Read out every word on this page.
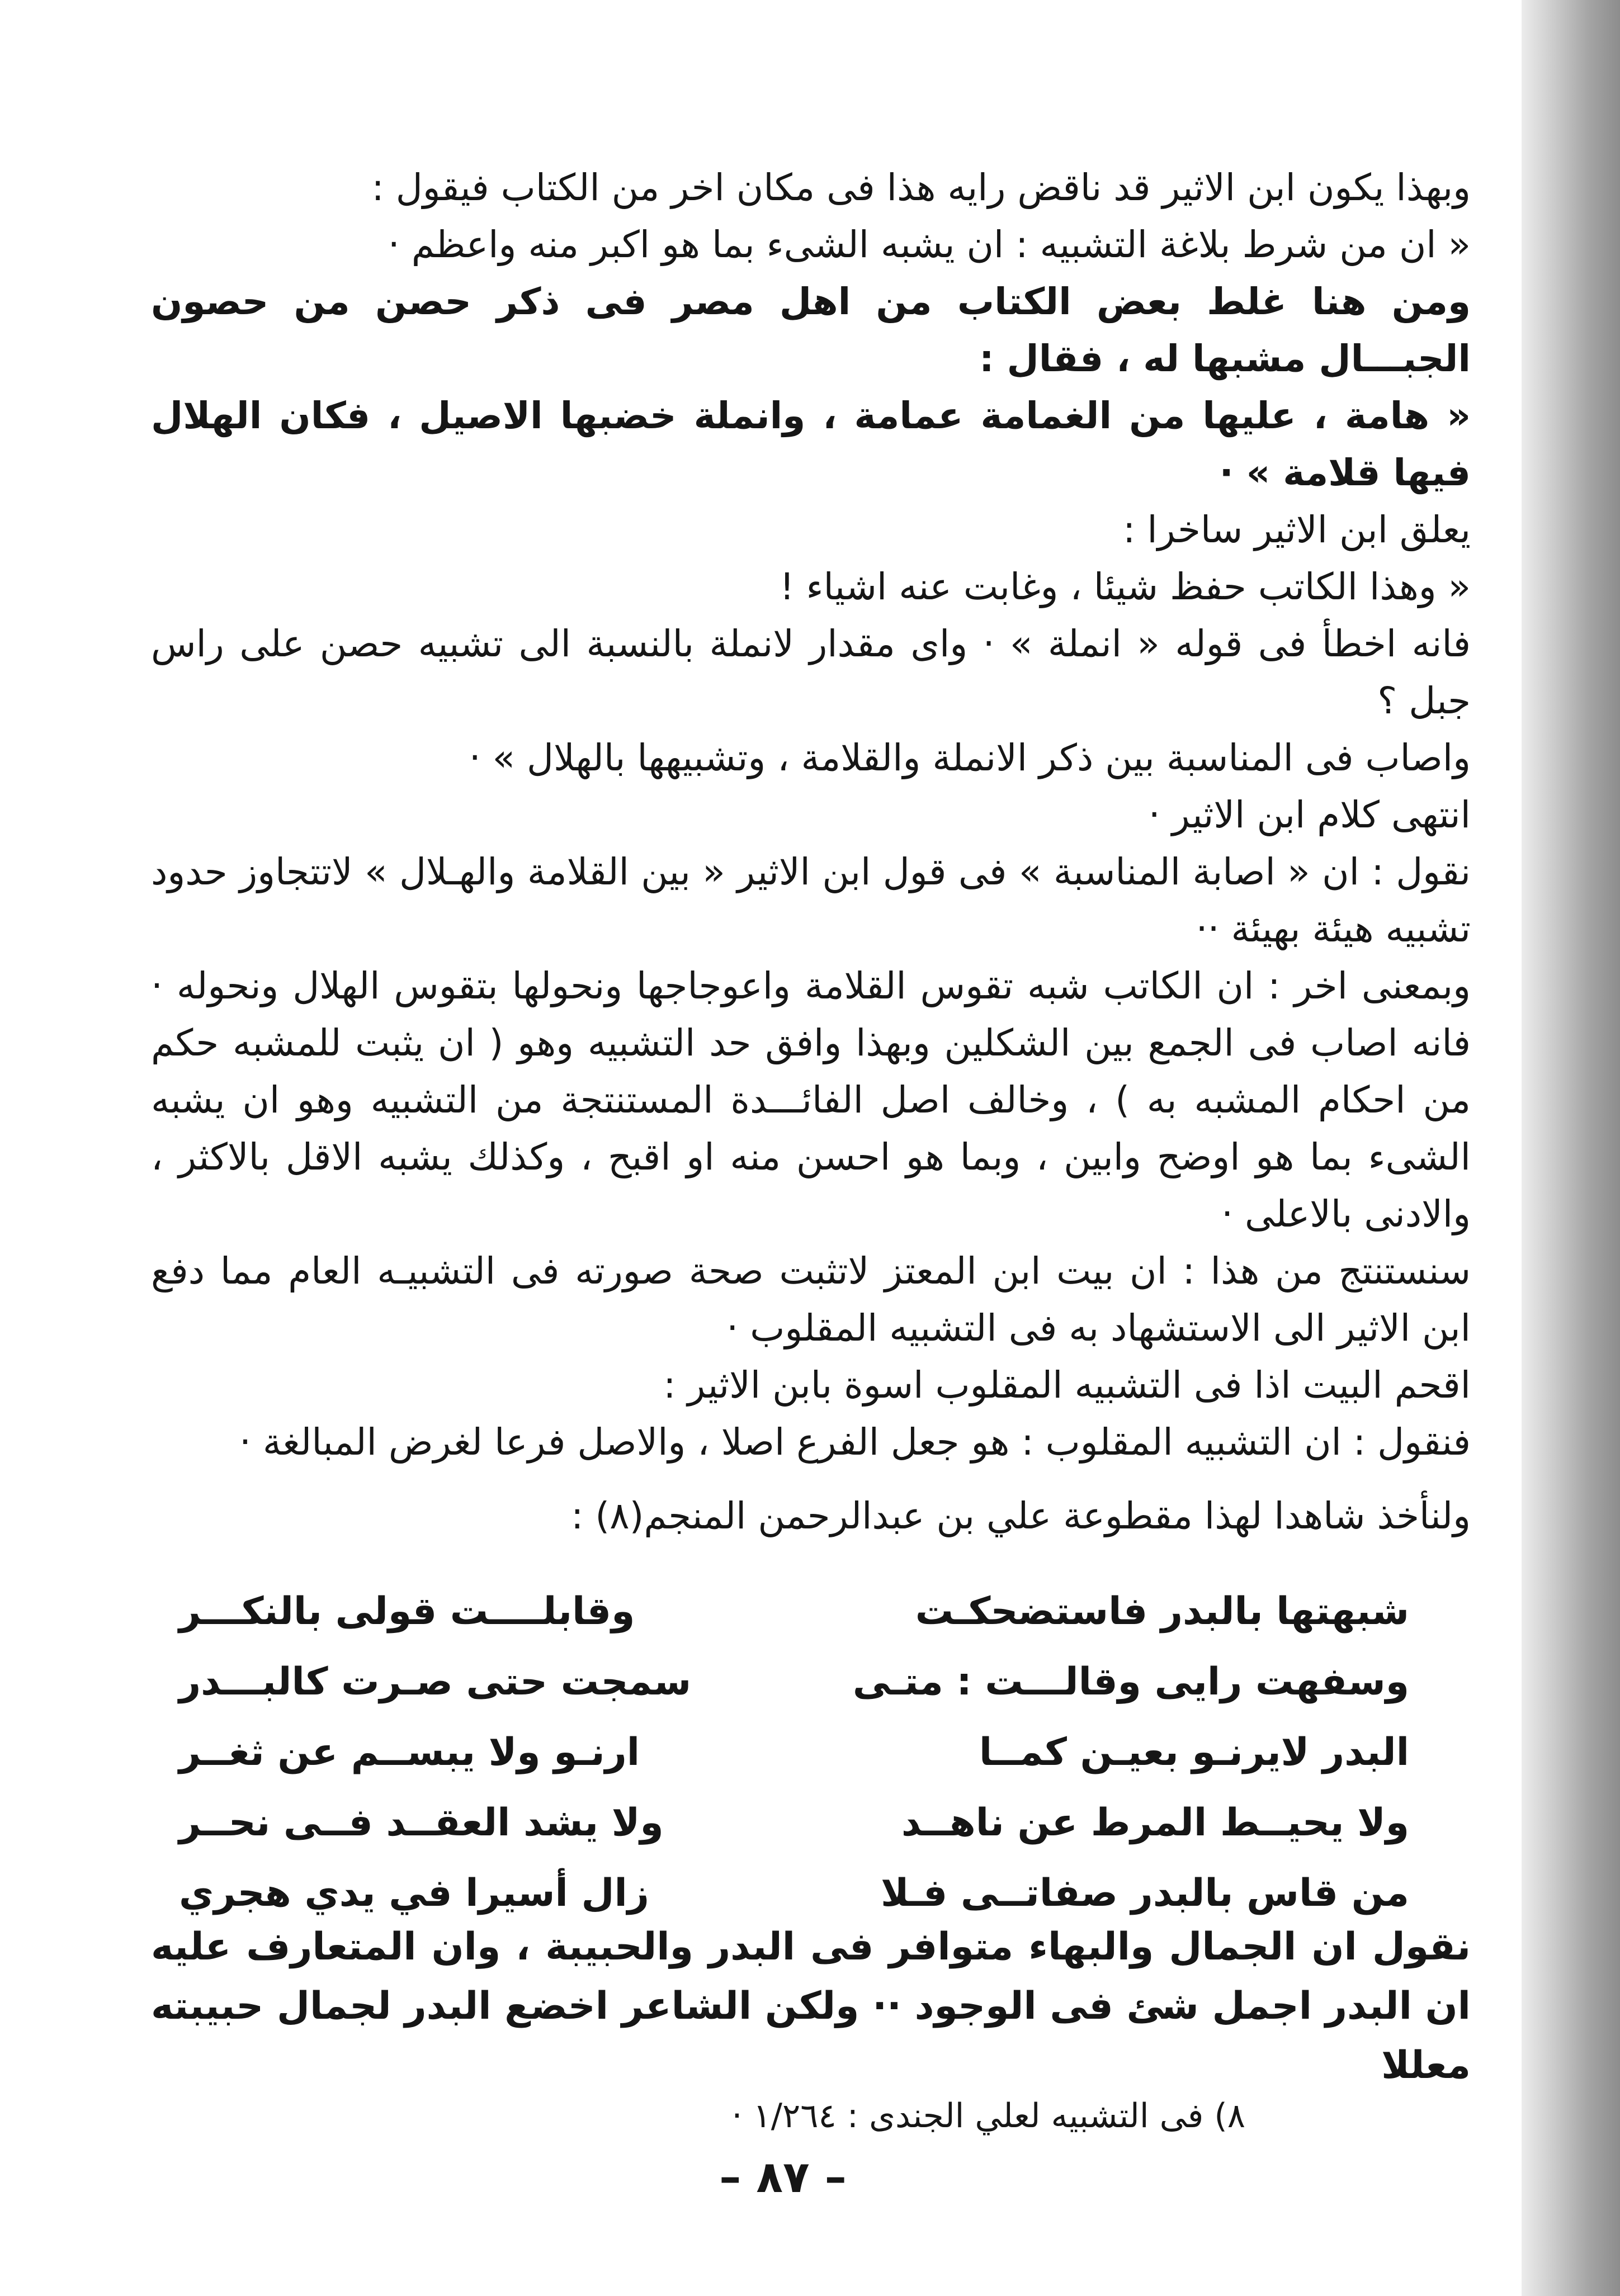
وبهذا يكون ابن الاثير قد ناقض رايه هذا فى مكان اخر من الكتاب فيقول :

« ان من شرط بلاغة التشبيه : ان يشبه الشىء بما هو اكبر منه واعظم ·

ومن هنا غلط بعض الكتاب من اهل مصر فى ذكر حصن من حصون الجبـــال مشبها له ، فقال :

« هامة ، عليها من الغمامة عمامة ، وانملة خضبها الاصيل ، فكان الهلال فيها قلامة » ·

يعلق ابن الاثير ساخرا :

« وهذا الكاتب حفظ شيئا ، وغابت عنه اشياء !

فانه اخطأ فى قوله « انملة » · واى مقدار لانملة بالنسبة الى تشبيه حصن على راس جبل ؟

واصاب فى المناسبة بين ذكر الانملة والقلامة ، وتشبيهها بالهلال » ·

انتهى كلام ابن الاثير ·

نقول : ان « اصابة المناسبة » فى قول ابن الاثير « بين القلامة والهـلال » لاتتجاوز حدود تشبيه هيئة بهيئة ··

وبمعنى اخر : ان الكاتب شبه تقوس القلامة واعوجاجها ونحولها بتقوس الهلال ونحوله · فانه اصاب فى الجمع بين الشكلين وبهذا وافق حد التشبيه وهو ( ان يثبت للمشبه حكم من احكام المشبه به ) ، وخالف اصل الفائـــدة المستنتجة من التشبيه وهو ان يشبه الشىء بما هو اوضح وابين ، وبما هو احسن منه او اقبح ، وكذلك يشبه الاقل بالاكثر ، والادنى بالاعلى ·

سنستنتج من هذا : ان بيت ابن المعتز لاتثبت صحة صورته فى التشبيـه العام مما دفع ابن الاثير الى الاستشهاد به فى التشبيه المقلوب ·

اقحم البيت اذا فى التشبيه المقلوب اسوة بابن الاثير :

فنقول : ان التشبيه المقلوب : هو جعل الفرع اصلا ، والاصل فرعا لغرض المبالغة ·

ولنأخذ شاهدا لهذا مقطوعة علي بن عبدالرحمن المنجم(٨) :

شبهتها بالبدر فاستضحكـت
وقابلــــت قولى بالنكـــر
وسفهت رايى وقالـــت : متـى
سمجت حتى صـرت كالبـــدر
البدر لايرنـو بعيـن كمــا
ارنـو ولا يبســم عن ثغــر
ولا يحيــط المرط عن ناهــد
ولا يشد العقــد فــى نحــر
من قاس بالبدر صفاتــى فـلا
زال أسيرا في يدي هجري

نقول ان الجمال والبهاء متوافر فى البدر والحبيبة ، وان المتعارف عليه ان البدر اجمل شئ فى الوجود ·· ولكن الشاعر اخضع البدر لجمال حبيبته معللا

٨) فى التشبيه لعلي الجندى : ١/٢٦٤ ·
– ٨٧ –
